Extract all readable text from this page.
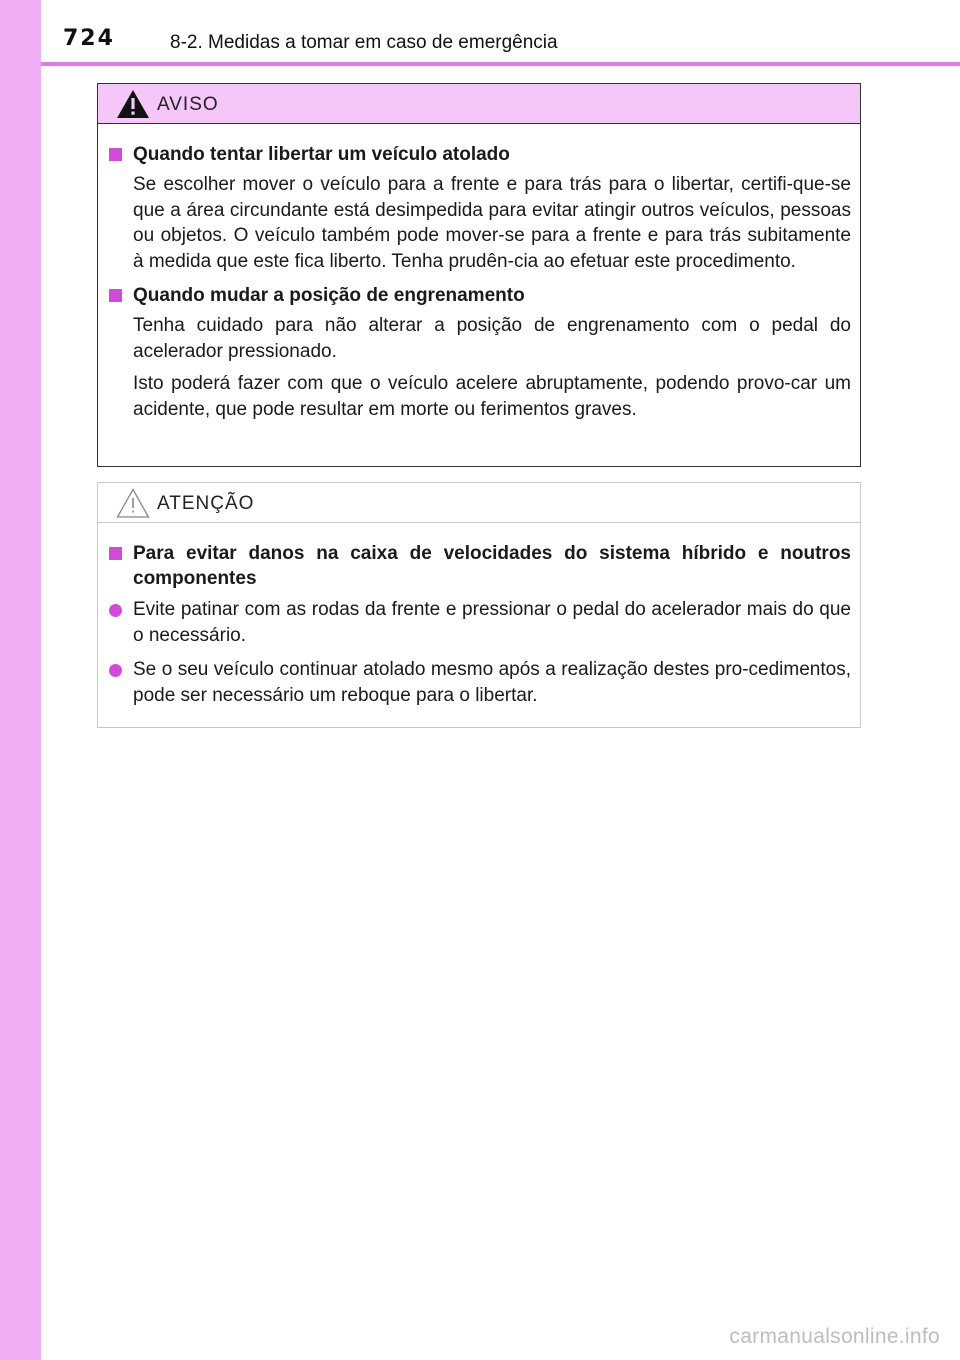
724	8-2. Medidas a tomar em caso de emergência
AVISO
Quando tentar libertar um veículo atolado
Se escolher mover o veículo para a frente e para trás para o libertar, certifi-que-se que a área circundante está desimpedida para evitar atingir outros veículos, pessoas ou objetos. O veículo também pode mover-se para a frente e para trás subitamente à medida que este fica liberto. Tenha prudên-cia ao efetuar este procedimento.
Quando mudar a posição de engrenamento
Tenha cuidado para não alterar a posição de engrenamento com o pedal do acelerador pressionado.
Isto poderá fazer com que o veículo acelere abruptamente, podendo provo-car um acidente, que pode resultar em morte ou ferimentos graves.
ATENÇÃO
Para evitar danos na caixa de velocidades do sistema híbrido e noutros componentes
Evite patinar com as rodas da frente e pressionar o pedal do acelerador mais do que o necessário.
Se o seu veículo continuar atolado mesmo após a realização destes pro-cedimentos, pode ser necessário um reboque para o libertar.
carmanualsonline.info
